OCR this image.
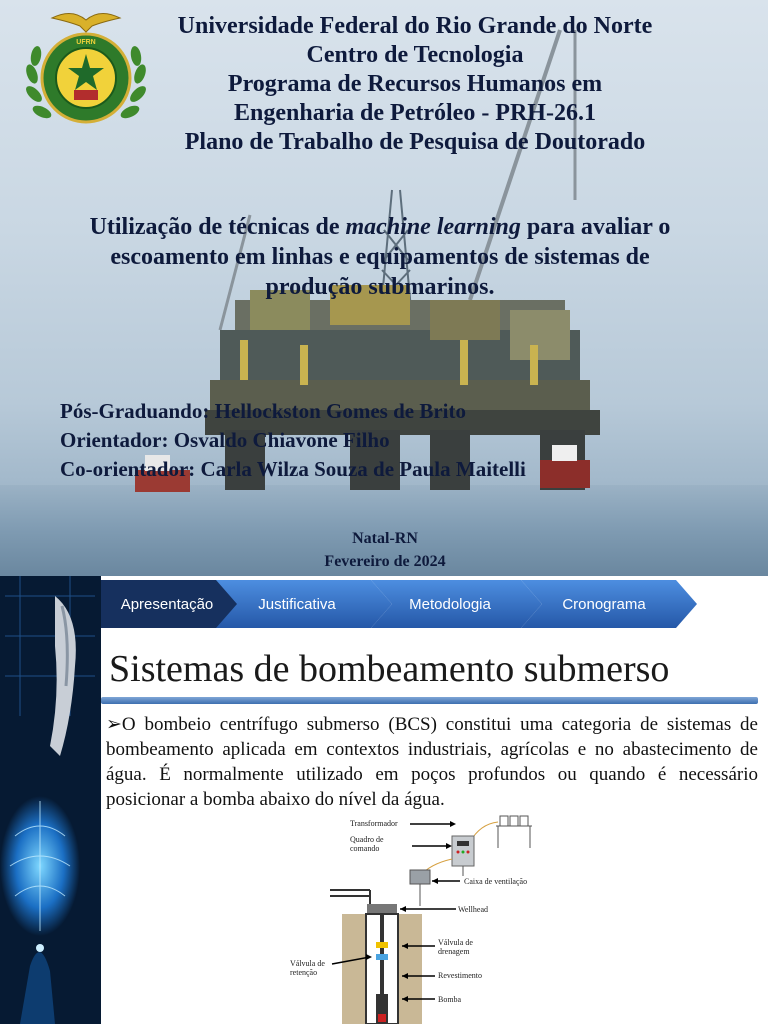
UFRN
Universidade Federal do Rio Grande do Norte
Centro de Tecnologia
Programa de Recursos Humanos em
Engenharia de Petróleo - PRH-26.1
Plano de Trabalho de Pesquisa de Doutorado
Utilização de técnicas de machine learning para avaliar o escoamento em linhas e equipamentos de sistemas de produção submarinos.
Pós-Graduando: Hellockston Gomes de Brito
Orientador: Osvaldo Chiavone Filho
Co-orientador: Carla Wilza Souza de Paula Maitelli
Natal-RN
Fevereiro de 2024
Apresentação	Justificativa	Metodologia	Cronograma
Sistemas de bombeamento submerso
➢O bombeio centrífugo submerso (BCS) constitui uma categoria de sistemas de bombeamento aplicada em contextos industriais, agrícolas e no abastecimento de água. É normalmente utilizado em poços profundos ou quando é necessário posicionar a bomba abaixo do nível da água.
Transformador
Quadro de
comando
Caixa de ventilação
Wellhead
Válvula de
drenagem
Revestimento
Bomba
Válvula de
retenção
